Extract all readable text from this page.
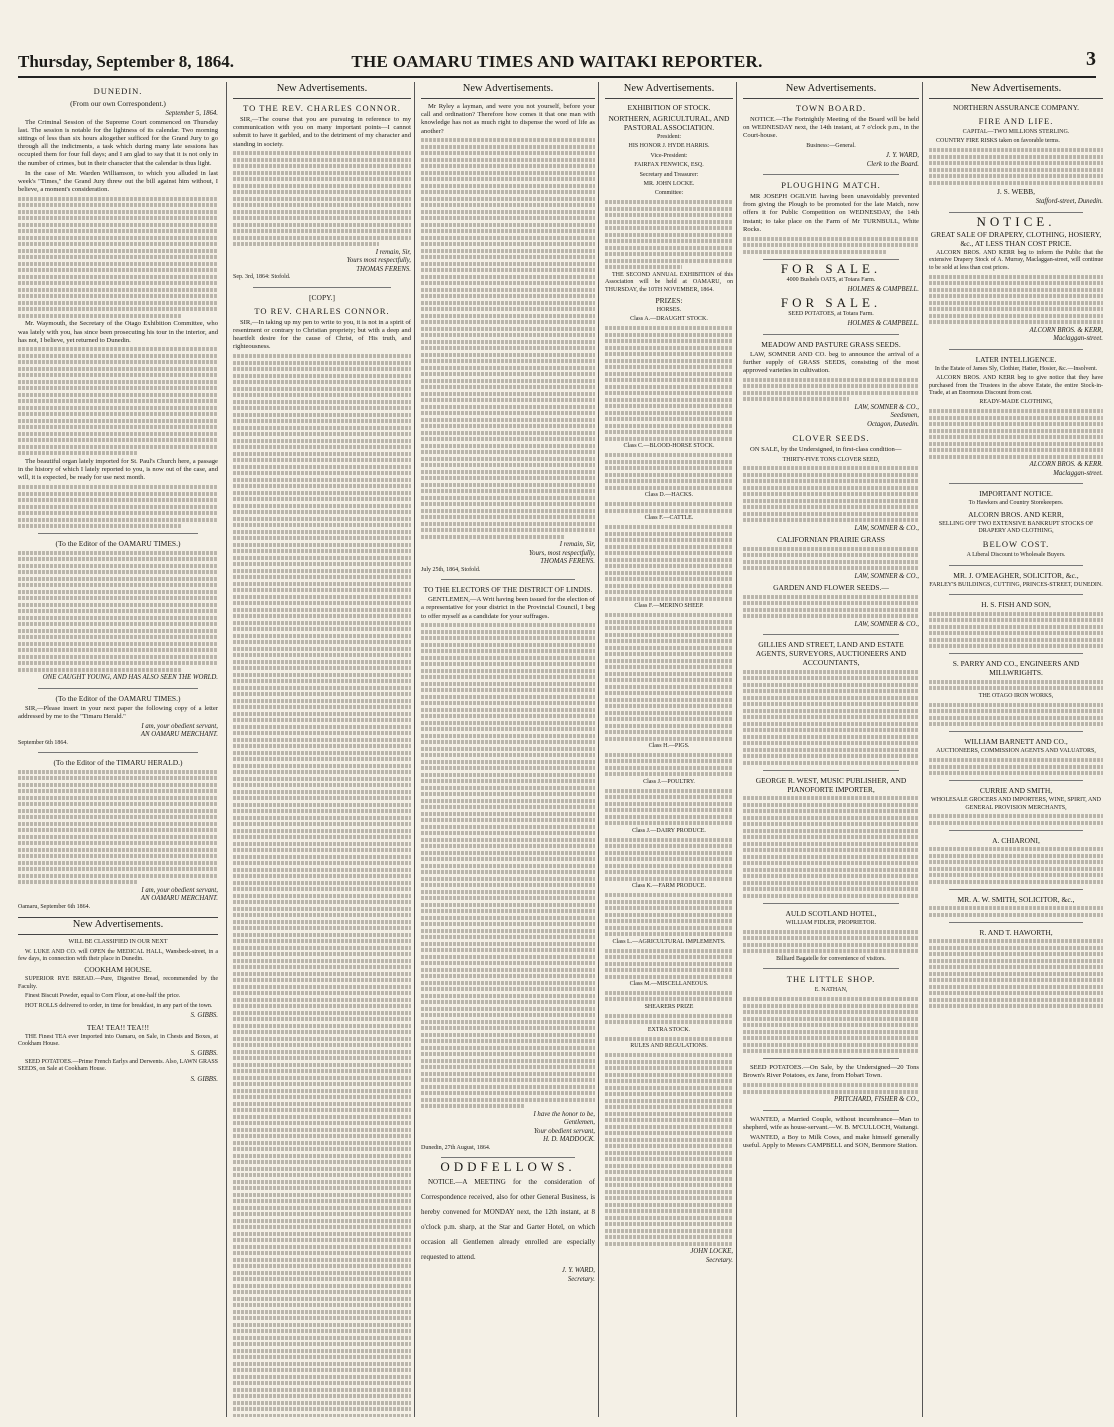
Thursday, September 8, 1864.	THE OAMARU TIMES AND WAITAKI REPORTER.	3
DUNEDIN.
(From our own Correspondent.)
September 5, 1864.

The Criminal Session of the Supreme Court commenced on Thursday last. The session is notable for the lightness of its calendar. Two morning sittings of less than six hours altogether sufficed for the Grand Jury to go through all the indictments, a task which during many late sessions has occupied them for four full days; and I am glad to say that it is not only in the number of crimes, but in their character that the calendar is thus light.

In the case of Mr. Warden Williamson, to which you alluded in last week's "Times," the Grand Jury threw out the bill against him without, I believe, a moment's consideration.

Mr. Waymouth, the Secretary of the Otago Exhibition Committee, who was lately with you, has since been prosecuting his tour in the interior, and has not, I believe, yet returned to Dunedin.

The beautiful organ lately imported for St. Paul's Church here, a passage in the history of which I lately reported to you, is now out of the case, and will, it is expected, be ready for use next month.

(To the Editor of the OAMARU TIMES.)
ONE CAUGHT YOUNG, AND HAS ALSO SEEN THE WORLD.
(To the Editor of the OAMARU TIMES.)

SIR,—Please insert in your next paper the following copy of a letter addressed by me to the "Timaru Herald."

I am, your obedient servant,
AN OAMARU MERCHANT.
September 6th 1864.
(To the Editor of the TIMARU HERALD.)
I am, your obedient servant,
AN OAMARU MERCHANT.
Oamaru, September 6th 1864.
New Advertisements.
WILL BE CLASSIFIED IN OUR NEXT

W. LUKE AND CO. will OPEN the MEDICAL HALL, Wansbeck-street, in a few days, in connection with their place in Dunedin.

COOKHAM HOUSE.

SUPERIOR RYE BREAD.—Pure, Digestive Bread, recommended by the Faculty.

Finest Biscuit Powder, equal to Corn Flour, at one-half the price.

HOT ROLLS delivered to order, in time for breakfast, in any part of the town.

S. GIBBS.
TEA! TEA!! TEA!!!

THE Finest TEA ever Imported into Oamaru, on Sale, in Chests and Boxes, at Cookham House.

S. GIBBS.

SEED POTATOES.—Prime French Earlys and Derwents. Also, LAWN GRASS SEEDS, on Sale at Cookham House.

S. GIBBS.
New Advertisements.
TO THE REV. CHARLES CONNOR.

SIR,—The course that you are pursuing in reference to my communication with you on many important points—I cannot submit to have it garbled, and to the detriment of my character and standing in society.

I remain, Sir,
Yours most respectfully,
THOMAS FERENS.
Sep. 3rd, 1864: Stofold.
[COPY.]
TO REV. CHARLES CONNOR.

SIR,—In taking up my pen to write to you, it is not in a spirit of resentment or contrary to Christian propriety; but with a deep and heartfelt desire for the cause of Christ, of His truth, and righteousness.

New Advertisements.

Mr Ryley a layman, and were you not yourself, before your call and ordination? Therefore how comes it that one man with knowledge has not as much right to dispense the word of life as another?

I remain, Sir,
Yours, most respectfully,
THOMAS FERENS.
July 25th, 1864, Stofold.
TO THE ELECTORS OF THE DISTRICT OF LINDIS.

GENTLEMEN,—A Writ having been issued for the election of a representative for your district in the Provincial Council, I beg to offer myself as a candidate for your suffrages.

I have the honor to be,
Gentlemen,
Your obedient servant,
H. D. MADDOCK.
Dunedin, 27th August, 1864.
ODDFELLOWS.

NOTICE.—A MEETING for the consideration of Correspondence received, also for other General Business, is hereby convened for MONDAY next, the 12th instant, at 8 o'clock p.m. sharp, at the Star and Garter Hotel, on which occasion all Gentlemen already enrolled are especially requested to attend.

J. Y. WARD,
Secretary.
New Advertisements.
EXHIBITION OF STOCK.
NORTHERN, AGRICULTURAL, AND PASTORAL ASSOCIATION.
President:
HIS HONOR J. HYDE HARRIS.
Vice-President:
FAIRFAX FENWICK, ESQ.
Secretary and Treasurer:
MR. JOHN LOCKE.
Committee:

THE SECOND ANNUAL EXHIBITION of this Association will be held at OAMARU, on THURSDAY, the 10TH NOVEMBER, 1864.

PRIZES:
HORSES.
Class A.—DRAUGHT STOCK.
Class C.—BLOOD-HORSE STOCK.
Class D.—HACKS.
Class F.—CATTLE.
Class F.—MERINO SHEEP.
Class H.—PIGS.
Class J.—POULTRY.
Class J.—DAIRY PRODUCE.
Class K.—FARM PRODUCE.
Class L.—AGRICULTURAL IMPLEMENTS.
Class M.—MISCELLANEOUS.
SHEARERS PRIZE
EXTRA STOCK.
RULES AND REGULATIONS.
JOHN LOCKE,
Secretary.
New Advertisements.
TOWN BOARD.

NOTICE.—The Fortnightly Meeting of the Board will be held on WEDNESDAY next, the 14th instant, at 7 o'clock p.m., in the Court-house.

Business:—General.
J. Y. WARD,
Clerk to the Board.
PLOUGHING MATCH.

MR JOSEPH OGILVIE having been unavoidably prevented from giving the Plough to be promoted for the late Match, now offers it for Public Competition on WEDNESDAY, the 14th instant; to take place on the Farm of Mr TURNBULL, White Rocks.

FOR SALE.
4000 Bushels OATS, at Totara Farm.
HOLMES & CAMPBELL.
FOR SALE.
SEED POTATOES, at Totara Farm.
HOLMES & CAMPBELL.
MEADOW AND PASTURE GRASS SEEDS.

LAW, SOMNER AND CO. beg to announce the arrival of a further supply of GRASS SEEDS, consisting of the most approved varieties in cultivation.

LAW, SOMNER & CO.,
Seedsmen,
Octagon, Dunedin.
CLOVER SEEDS.

ON SALE, by the Undersigned, in first-class condition—

THIRTY-FIVE TONS CLOVER SEED,
LAW, SOMNER & CO.,
CALIFORNIAN PRAIRIE GRASS
LAW, SOMNER & CO.,
GARDEN AND FLOWER SEEDS.—
LAW, SOMNER & CO.,
GILLIES AND STREET, LAND AND ESTATE AGENTS, SURVEYORS, AUCTIONEERS AND ACCOUNTANTS,
GEORGE R. WEST, MUSIC PUBLISHER, AND PIANOFORTE IMPORTER,
AULD SCOTLAND HOTEL,
WILLIAM FIDLER, PROPRIETOR.
Billiard Bagatelle for convenience of visitors.
THE LITTLE SHOP.
E. NATHAN,

SEED POTATOES.—On Sale, by the Undersigned—20 Tons Brown's River Potatoes, ex Jane, from Hobart Town.

PRITCHARD, FISHER & CO.,

WANTED, a Married Couple, without incumbrance—Man to shepherd, wife as house-servant.—W. B. M'CULLOCH, Waitangi.

WANTED, a Boy to Milk Cows, and make himself generally useful. Apply to Messrs CAMPBELL and SON, Benmore Station.

New Advertisements.
NORTHERN ASSURANCE COMPANY.
FIRE AND LIFE.
CAPITAL—TWO MILLIONS STERLING.

COUNTRY FIRE RISKS taken on favorable terms.

J. S. WEBB,
Stafford-street, Dunedin.
NOTICE.
GREAT SALE OF DRAPERY, CLOTHING, HOSIERY, &c., AT LESS THAN COST PRICE.

ALCORN BROS. AND KERR beg to inform the Public that the extensive Drapery Stock of A. Murray, Maclaggan-street, will continue to be sold at less than cost prices.

ALCORN BROS. & KERR,
Maclaggan-street.
LATER INTELLIGENCE.
In the Estate of James Sly, Clothier, Hatter, Hosier, &c.—Insolvent.

ALCORN BROS. AND KERR beg to give notice that they have purchased from the Trustees in the above Estate, the entire Stock-in-Trade, at an Enormous Discount from cost.

READY-MADE CLOTHING,
ALCORN BROS. & KERR.
Maclaggan-street.
IMPORTANT NOTICE.
To Hawkers and Country Storekeepers.
ALCORN BROS. AND KERR,
SELLING OFF TWO EXTENSIVE BANKRUPT STOCKS OF DRAPERY AND CLOTHING,
BELOW COST.
A Liberal Discount to Wholesale Buyers.
MR. J. O'MEAGHER, SOLICITOR, &c.,
FARLEY'S BUILDINGS, CUTTING, PRINCES-STREET, DUNEDIN.
H. S. FISH AND SON,
S. PARRY AND CO., ENGINEERS AND MILLWRIGHTS.
THE OTAGO IRON WORKS,
WILLIAM BARNETT AND CO.,
AUCTIONEERS, COMMISSION AGENTS AND VALUATORS,
CURRIE AND SMITH,
WHOLESALE GROCERS AND IMPORTERS, WINE, SPIRIT, AND GENERAL PROVISION MERCHANTS,
A. CHIARONI,
MR. A. W. SMITH, SOLICITOR, &c.,
R. AND T. HAWORTH,
